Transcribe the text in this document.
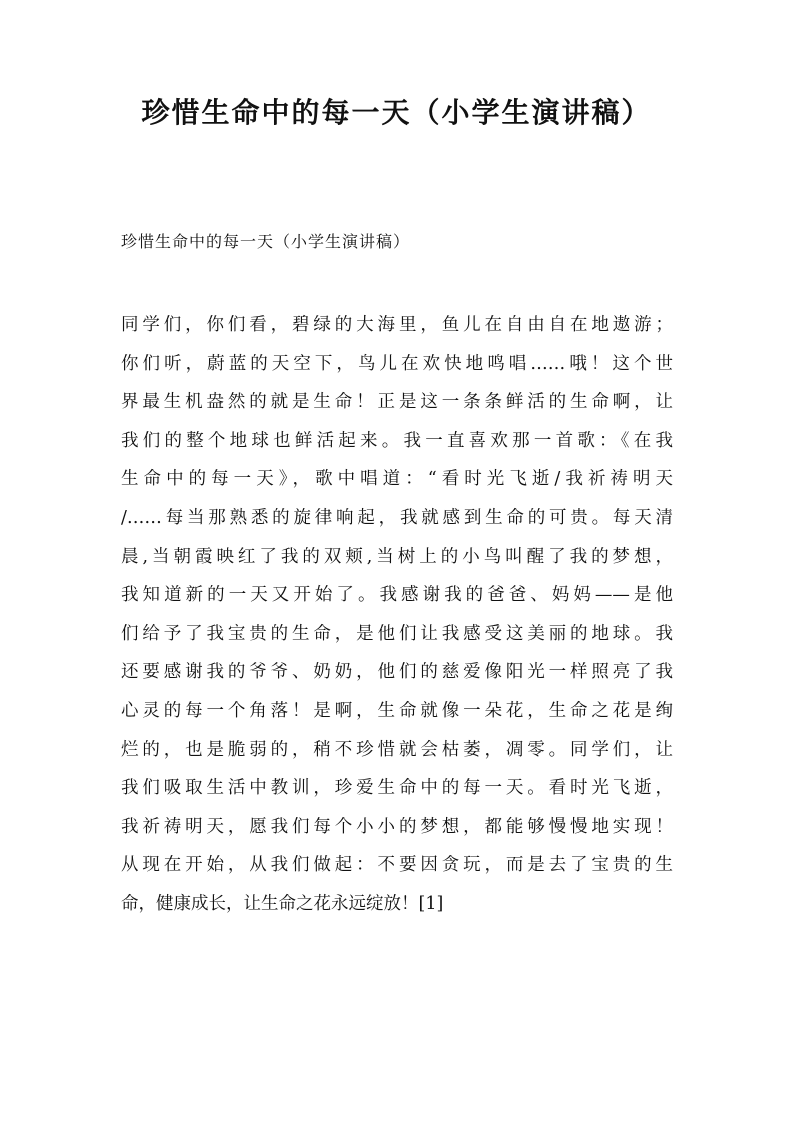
珍惜生命中的每一天（小学生演讲稿）

珍惜生命中的每一天（小学生演讲稿）

同学们，你们看，碧绿的大海里，鱼儿在自由自在地遨游；
你们听，蔚蓝的天空下，鸟儿在欢快地鸣唱……哦！这个世
界最生机盎然的就是生命！正是这一条条鲜活的生命啊，让
我们的整个地球也鲜活起来。我一直喜欢那一首歌：《在我
生命中的每一天》，歌中唱道：“看时光飞逝/我祈祷明天
/……每当那熟悉的旋律响起，我就感到生命的可贵。每天清
晨,当朝霞映红了我的双颊,当树上的小鸟叫醒了我的梦想，
我知道新的一天又开始了。我感谢我的爸爸、妈妈——是他
们给予了我宝贵的生命，是他们让我感受这美丽的地球。我
还要感谢我的爷爷、奶奶，他们的慈爱像阳光一样照亮了我
心灵的每一个角落！是啊，生命就像一朵花，生命之花是绚
烂的，也是脆弱的，稍不珍惜就会枯萎，凋零。同学们，让
我们吸取生活中教训，珍爱生命中的每一天。看时光飞逝，
我祈祷明天，愿我们每个小小的梦想，都能够慢慢地实现！
从现在开始，从我们做起：不要因贪玩，而是去了宝贵的生
命，健康成长，让生命之花永远绽放！[1]
